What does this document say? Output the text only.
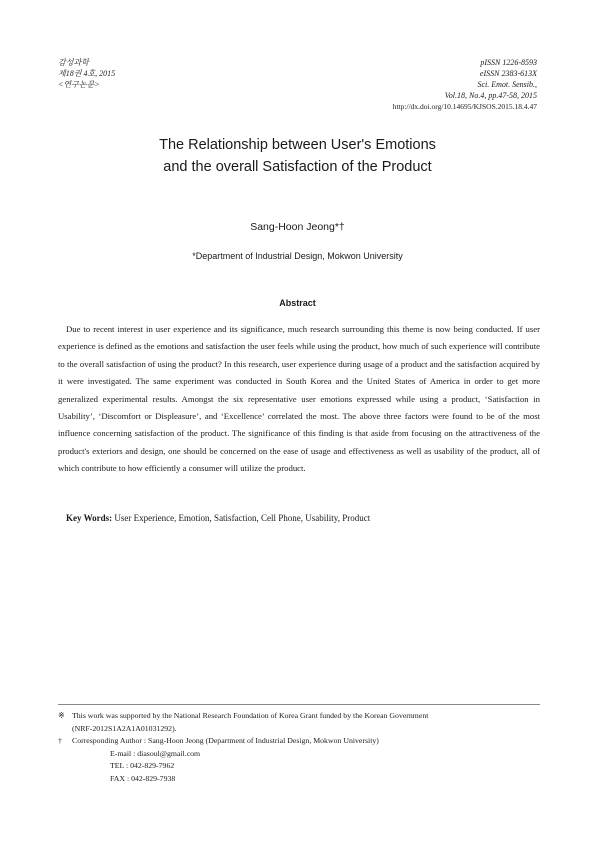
감성과학
제18권 4호, 2015
<연구논문>
pISSN 1226-8593
eISSN 2383-613X
Sci. Emot. Sensib.,
Vol.18, No.4, pp.47-58, 2015
http://dx.doi.org/10.14695/KJSOS.2015.18.4.47
The Relationship between User's Emotions
and the overall Satisfaction of the Product
Sang-Hoon Jeong*†
*Department of Industrial Design, Mokwon University
Abstract
Due to recent interest in user experience and its significance, much research surrounding this theme is now being conducted. If user experience is defined as the emotions and satisfaction the user feels while using the product, how much of such experience will contribute to the overall satisfaction of using the product? In this research, user experience during usage of a product and the satisfaction acquired by it were investigated. The same experiment was conducted in South Korea and the United States of America in order to get more generalized experimental results. Amongst the six representative user emotions expressed while using a product, ‘Satisfaction in Usability’, ‘Discomfort or Displeasure’, and ‘Excellence’ correlated the most. The above three factors were found to be of the most influence concerning satisfaction of the product. The significance of this finding is that aside from focusing on the attractiveness of the product's exteriors and design, one should be concerned on the ease of usage and effectiveness as well as usability of the product, all of which contribute to how efficiently a consumer will utilize the product.
Key Words: User Experience, Emotion, Satisfaction, Cell Phone, Usability, Product
※ This work was supported by the National Research Foundation of Korea Grant funded by the Korean Government
(NRF-2012S1A2A1A01031292).
†	Corresponding Author : Sang-Hoon Jeong (Department of Industrial Design, Mokwon University)
E-mail : diasoul@gmail.com
TEL : 042-829-7962
FAX : 042-829-7938
